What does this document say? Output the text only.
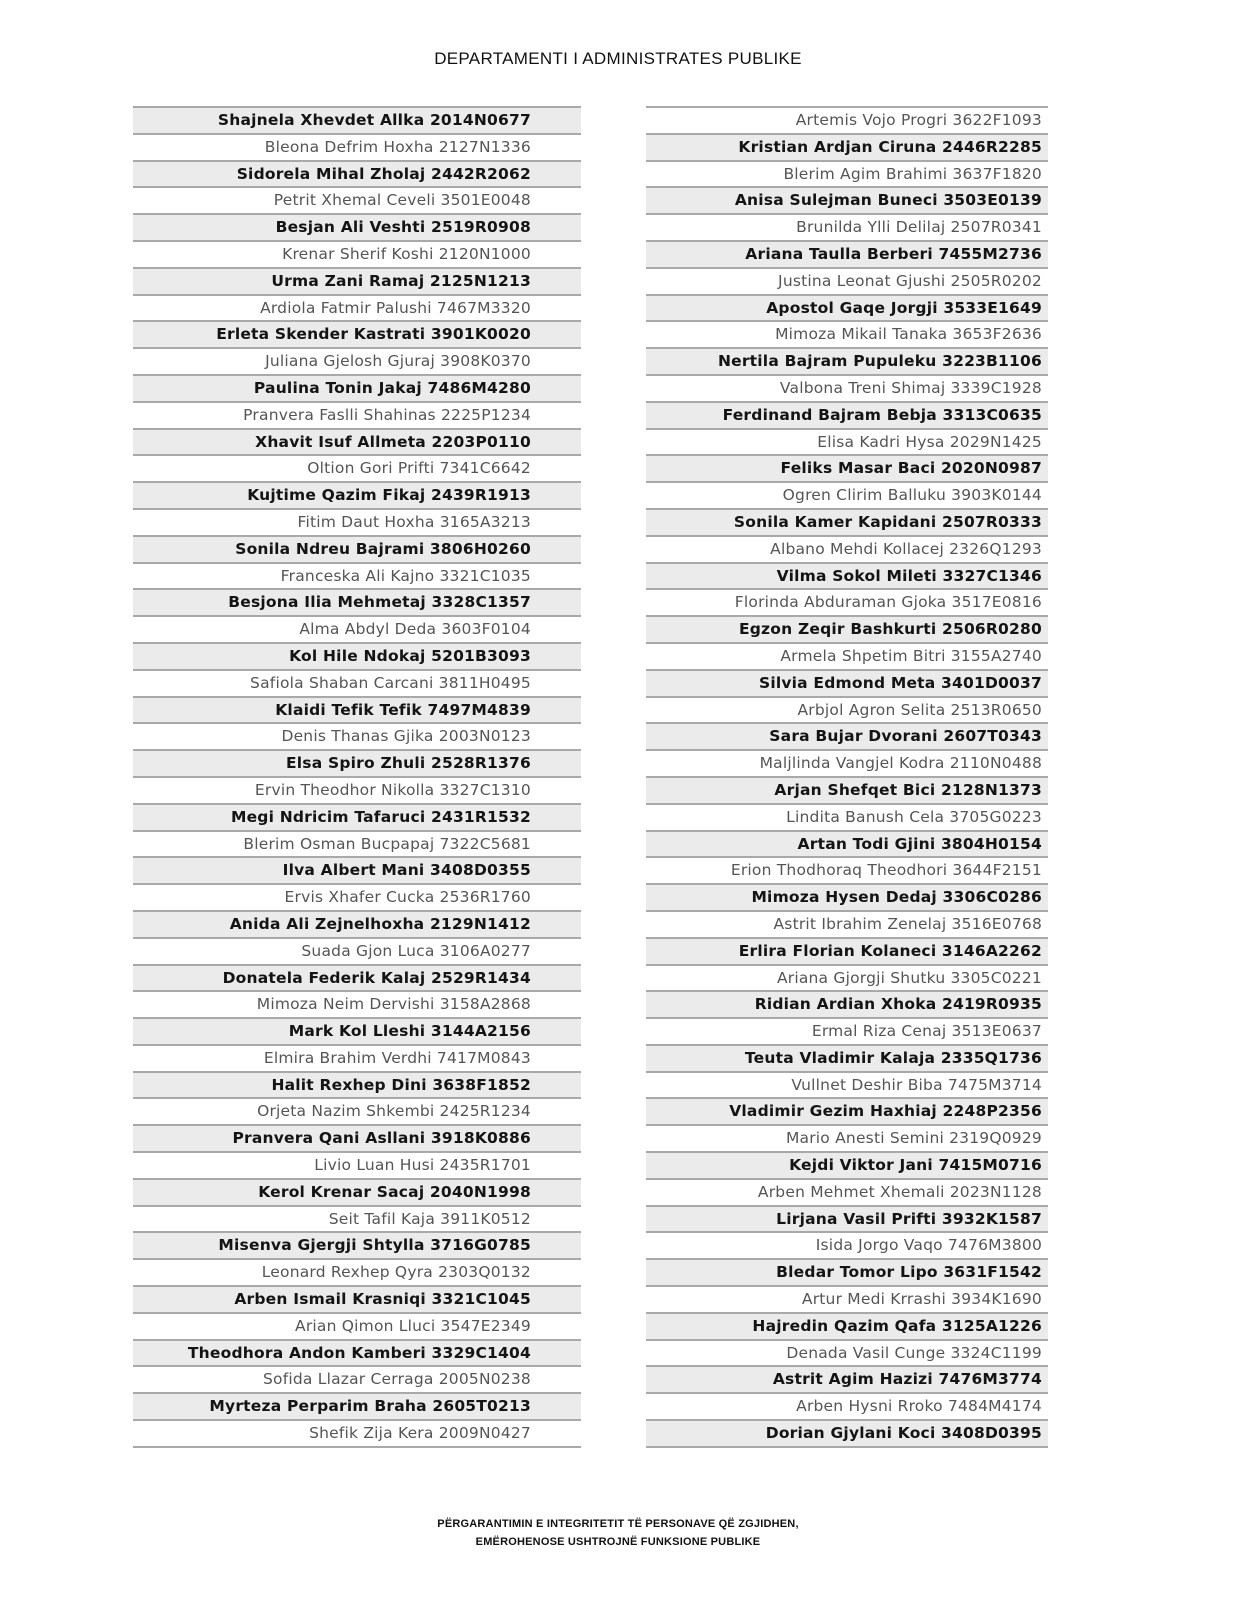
DEPARTAMENTI I ADMINISTRATES PUBLIKE
Shajnela Xhevdet Allka 2014N0677
Bleona Defrim Hoxha 2127N1336
Sidorela Mihal Zholaj 2442R2062
Petrit Xhemal Ceveli 3501E0048
Besjan Ali Veshti 2519R0908
Krenar Sherif Koshi 2120N1000
Urma Zani Ramaj 2125N1213
Ardiola Fatmir Palushi 7467M3320
Erleta Skender Kastrati 3901K0020
Juliana Gjelosh Gjuraj 3908K0370
Paulina Tonin Jakaj 7486M4280
Pranvera Faslli Shahinas 2225P1234
Xhavit Isuf Allmeta 2203P0110
Oltion Gori Prifti 7341C6642
Kujtime Qazim Fikaj 2439R1913
Fitim Daut Hoxha 3165A3213
Sonila Ndreu Bajrami 3806H0260
Franceska Ali Kajno 3321C1035
Besjona Ilia Mehmetaj 3328C1357
Alma Abdyl Deda 3603F0104
Kol Hile Ndokaj 5201B3093
Safiola Shaban Carcani 3811H0495
Klaidi Tefik Tefik 7497M4839
Denis Thanas Gjika 2003N0123
Elsa Spiro Zhuli 2528R1376
Ervin Theodhor Nikolla 3327C1310
Megi Ndricim Tafaruci 2431R1532
Blerim Osman Bucpapaj 7322C5681
Ilva Albert Mani 3408D0355
Ervis Xhafer Cucka 2536R1760
Anida Ali Zejnelhoxha 2129N1412
Suada Gjon Luca 3106A0277
Donatela Federik Kalaj 2529R1434
Mimoza Neim Dervishi 3158A2868
Mark Kol Lleshi 3144A2156
Elmira Brahim Verdhi 7417M0843
Halit Rexhep Dini 3638F1852
Orjeta Nazim Shkembi 2425R1234
Pranvera Qani Asllani 3918K0886
Livio Luan Husi 2435R1701
Kerol Krenar Sacaj 2040N1998
Seit Tafil Kaja 3911K0512
Misenva Gjergji Shtylla 3716G0785
Leonard Rexhep Qyra 2303Q0132
Arben Ismail Krasniqi 3321C1045
Arian Qimon Lluci 3547E2349
Theodhora Andon Kamberi 3329C1404
Sofida Llazar Cerraga 2005N0238
Myrteza Perparim Braha 2605T0213
Shefik Zija Kera 2009N0427
Artemis Vojo Progri 3622F1093
Kristian Ardjan Ciruna 2446R2285
Blerim Agim Brahimi 3637F1820
Anisa Sulejman Buneci 3503E0139
Brunilda Ylli Delilaj 2507R0341
Ariana Taulla Berberi 7455M2736
Justina Leonat Gjushi 2505R0202
Apostol Gaqe Jorgji 3533E1649
Mimoza Mikail Tanaka 3653F2636
Nertila Bajram Pupuleku 3223B1106
Valbona Treni Shimaj 3339C1928
Ferdinand Bajram Bebja 3313C0635
Elisa Kadri Hysa 2029N1425
Feliks Masar Baci 2020N0987
Ogren Clirim Balluku 3903K0144
Sonila Kamer Kapidani 2507R0333
Albano Mehdi Kollacej 2326Q1293
Vilma Sokol Mileti 3327C1346
Florinda Abduraman Gjoka 3517E0816
Egzon Zeqir Bashkurti 2506R0280
Armela Shpetim Bitri 3155A2740
Silvia Edmond Meta 3401D0037
Arbjol Agron Selita 2513R0650
Sara Bujar Dvorani 2607T0343
Maljlinda Vangjel Kodra 2110N0488
Arjan Shefqet Bici 2128N1373
Lindita Banush Cela 3705G0223
Artan Todi Gjini 3804H0154
Erion Thodhoraq Theodhori 3644F2151
Mimoza Hysen Dedaj 3306C0286
Astrit Ibrahim Zenelaj 3516E0768
Erlira Florian Kolaneci 3146A2262
Ariana Gjorgji Shutku 3305C0221
Ridian Ardian Xhoka 2419R0935
Ermal Riza Cenaj 3513E0637
Teuta Vladimir Kalaja 2335Q1736
Vullnet Deshir Biba 7475M3714
Vladimir Gezim Haxhiaj 2248P2356
Mario Anesti Semini 2319Q0929
Kejdi Viktor Jani 7415M0716
Arben Mehmet Xhemali 2023N1128
Lirjana Vasil Prifti 3932K1587
Isida Jorgo Vaqo 7476M3800
Bledar Tomor Lipo 3631F1542
Artur Medi Krrashi 3934K1690
Hajredin Qazim Qafa 3125A1226
Denada Vasil Cunge 3324C1199
Astrit Agim Hazizi 7476M3774
Arben Hysni Rroko 7484M4174
Dorian Gjylani Koci 3408D0395
PËRGARANTIMIN E INTEGRITETIT TË PERSONAVE QË ZGJIDHEN,
EMËROHENOSE USHTROJNË FUNKSIONE PUBLIKE
